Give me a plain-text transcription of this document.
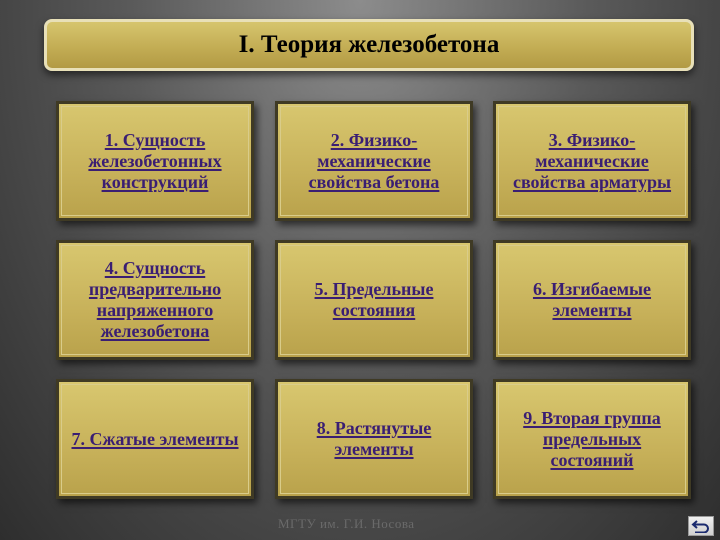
I. Теория железобетона
1. Сущность железобетонных конструкций
2. Физико-механические свойства бетона
3. Физико-механические свойства арматуры
4. Сущность предварительно напряженного железобетона
5. Предельные состояния
6. Изгибаемые элементы
7. Сжатые элементы
8. Растянутые элементы
9. Вторая группа предельных состояний
МГТУ им. Г.И. Носова
